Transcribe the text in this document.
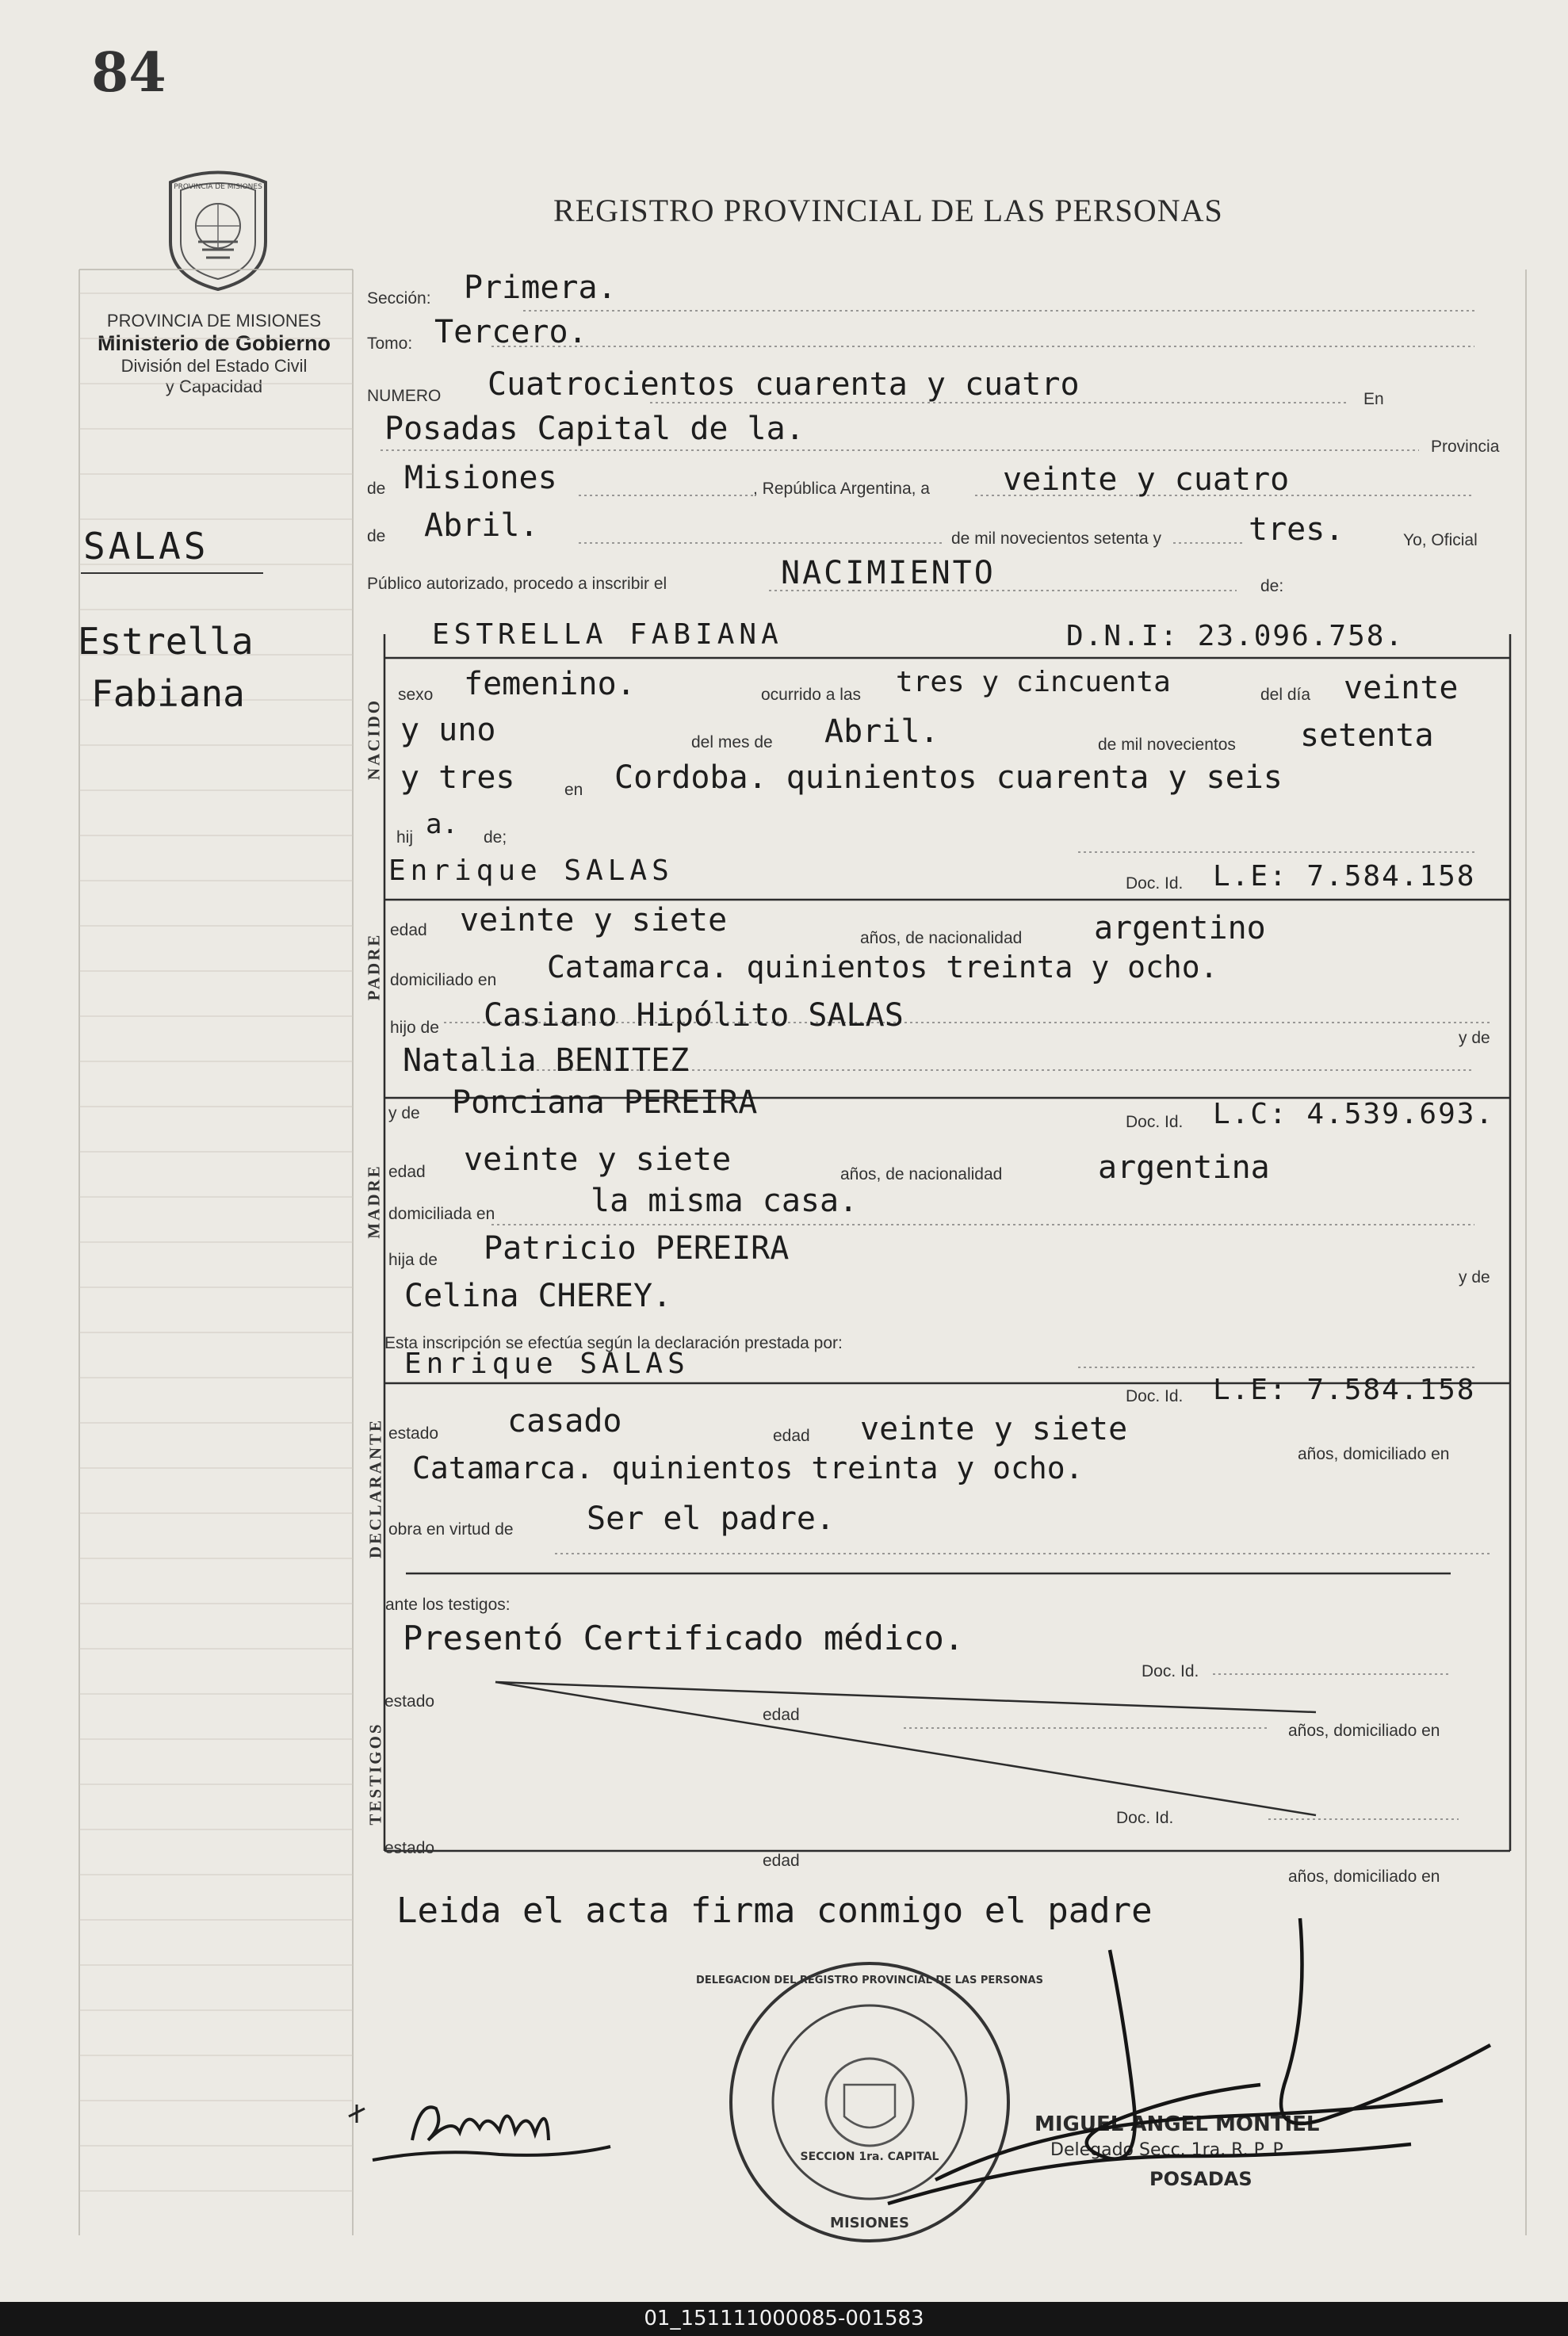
84
REGISTRO PROVINCIAL DE LAS PERSONAS
PROVINCIA DE MISIONES
PROVINCIA DE MISIONES
Ministerio de Gobierno
División del Estado Civil
y Capacidad
SALAS
Estrella
Fabiana
Sección: Primera.
Tomo: Tercero.
NUMERO Cuatrocientos cuarenta y cuatro	En
Posadas Capital de la.	Provincia
de Misiones	, República Argentina, a veinte y cuatro
de Abril.	de mil novecientos setenta y	tres.	Yo, Oficial
Público autorizado, procedo a inscribir el	NACIMIENTO	de:
NACIDO
ESTRELLA FABIANA	D.N.I: 23.096.758.
sexo femenino.	ocurrido a las tres y cincuenta	del día veinte
y uno	del mes de Abril.	de mil novecientos setenta
y tres	en Cordoba. quinientos cuarenta y seis
hij a. de;
PADRE
Enrique SALAS	Doc. Id. L.E: 7.584.158
edad veinte y siete	años, de nacionalidad argentino
domiciliado en Catamarca. quinientos treinta y ocho.
hijo de Casiano Hipólito SALAS
y de
Natalia BENITEZ
MADRE
y de Ponciana PEREIRA
Doc. Id. L.C: 4.539.693.
edad veinte y siete	años, de nacionalidad	argentina
domiciliada en	la misma casa.
hija de Patricio PEREIRA
y de
Celina CHEREY.
Esta inscripción se efectúa según la declaración prestada por:
DECLARANTE
Enrique SALAS
Doc. Id. L.E: 7.584.158
estado casado	edad veinte y siete
años, domiciliado en
Catamarca. quinientos treinta y ocho.
obra en virtud de Ser el padre.
ante los testigos:
TESTIGOS
Presentó Certificado médico.
Doc. Id.
estado
edad
años, domiciliado en
Doc. Id.
estado
edad
años, domiciliado en
Leida el acta firma conmigo el padre
SECCION 1ra. CAPITAL
MISIONES
DELEGACION DEL REGISTRO PROVINCIAL DE LAS PERSONAS
MIGUEL ANGEL MONTIEL
Delegado Secc. 1ra. R. P. P.
POSADAS
01_151111000085-001583
